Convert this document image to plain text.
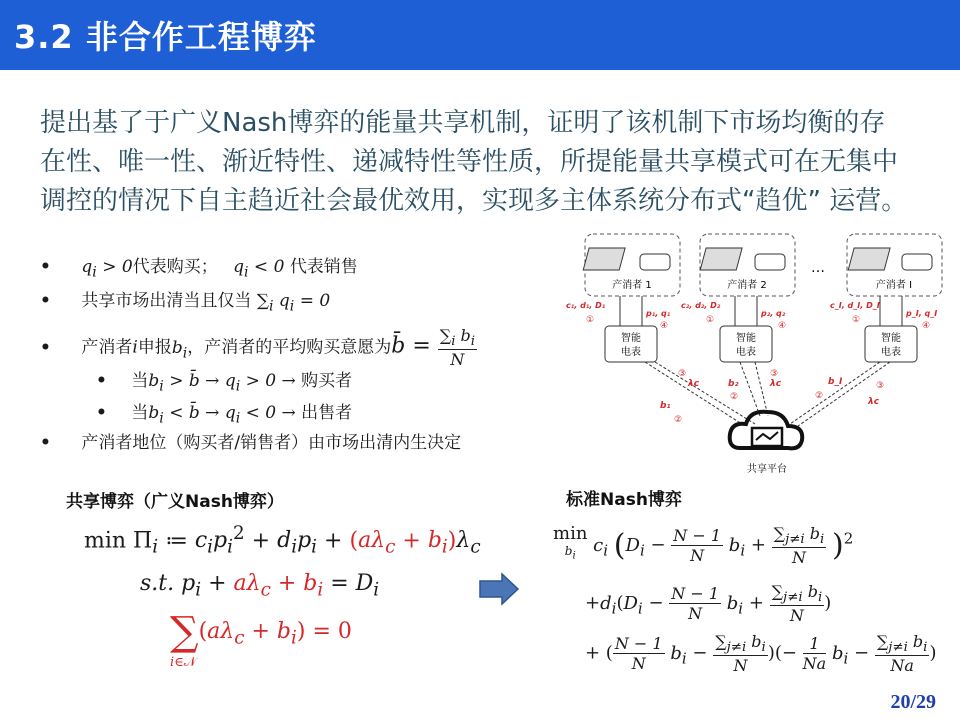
3.2 非合作工程博弈

提出基了于广义Nash博弈的能量共享机制，证明了该机制下市场均衡的存

在性、唯一性、渐近特性、递减特性等性质，所提能量共享模式可在无集中

调控的情况下自主趋近社会最优效用，实现多主体系统分布式“趋优” 运营。

• $q_i > 0$代表购买； $q_i < 0$ 代表销售
• 共享市场出清当且仅当 $\sum_i$ $q_i = 0$
• 产消者i申报$b_i$，产消者的平均购买意愿为b̄ = $\frac{\sum_i b_i}{N}$
• 当$b_i$ > b̄ → $q_i > 0$ → 购买者
• 当$b_i$ < b̄ → $q_i < 0$ → 出售者
• 产消者地位（购买者/销售者）由市场出清内生决定
产消者 1	产消者 2
…
产消者 I
智能
电表
智能
电表
智能
电表
c₁, d₁, D₁
①
p₁, q₁
④
c₂, d₂, D₂
①
p₂, q₂
④
c_I, d_I, D_I
①
p_I, q_I
④
b₁
②
③
λc	b₂
②
③
λc	b_I
②
③
λc
共享平台
共享博弈（广义Nash博弈）	标准Nash博弈
$\min \Pi_i$ ≔ $c_ip_i^2 + d_ip_i + (a\lambda_c + b_i)\lambda_c$
s.t. $p_i + a\lambda_c + b_i = D_i$
$\sum(a\lambda_c + b_i) = 0$
i∈𝒩
min
$b_i$ $c_i$ $(D_i - \frac{N - 1}{N} b_i + \frac{\sum_{j\ne i} b_i}{N} )^2$
$+d_i(D_i - \frac{N - 1}{N} b_i + \frac{\sum_{j\ne i} b_i}{N}$ )
+ ( $\frac{N - 1}{N} b_i - \frac{\sum_{j\ne i} b_i}{N}$ )(− $\frac{1}{Na} b_i - \frac{\sum_{j\ne i} b_i}{Na}$ )
20/29
